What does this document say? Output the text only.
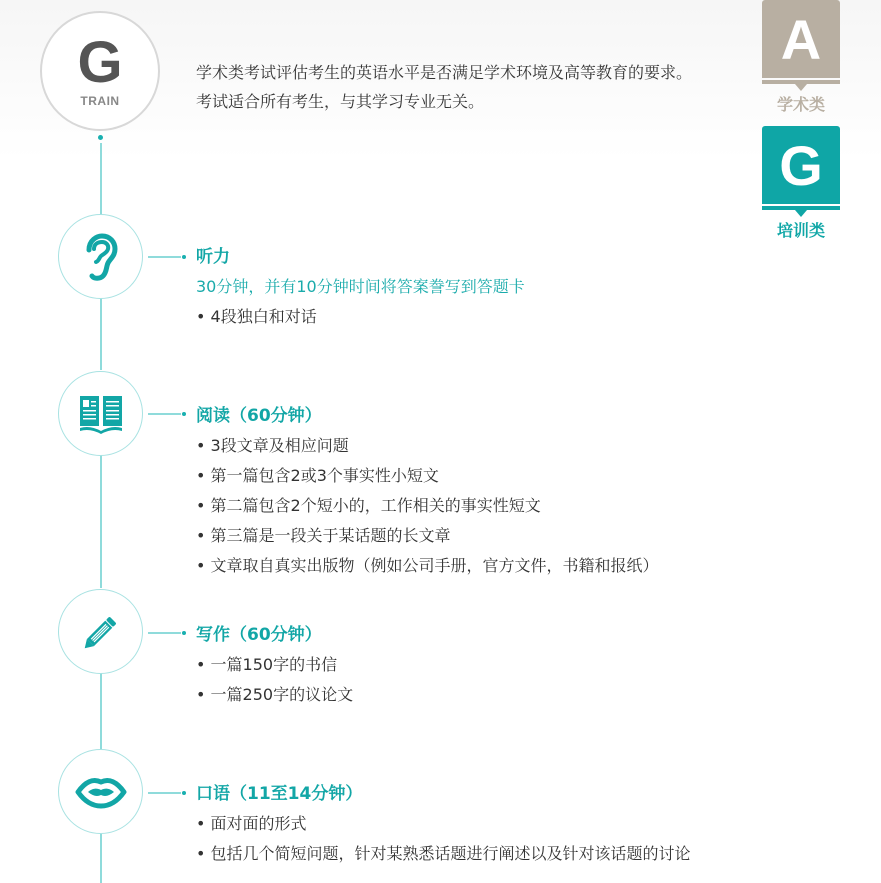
G
TRAIN
学术类考试评估考生的英语水平是否满足学术环境及高等教育的要求。
考试适合所有考生，与其学习专业无关。
A
学术类
G
培训类
听力
30分钟，并有10分钟时间将答案誊写到答题卡
• 4段独白和对话
阅读（60分钟）
• 3段文章及相应问题
• 第一篇包含2或3个事实性小短文
• 第二篇包含2个短小的，工作相关的事实性短文
• 第三篇是一段关于某话题的长文章
• 文章取自真实出版物（例如公司手册，官方文件，书籍和报纸）
写作（60分钟）
• 一篇150字的书信
• 一篇250字的议论文
口语（11至14分钟）
• 面对面的形式
• 包括几个简短问题，针对某熟悉话题进行阐述以及针对该话题的讨论
